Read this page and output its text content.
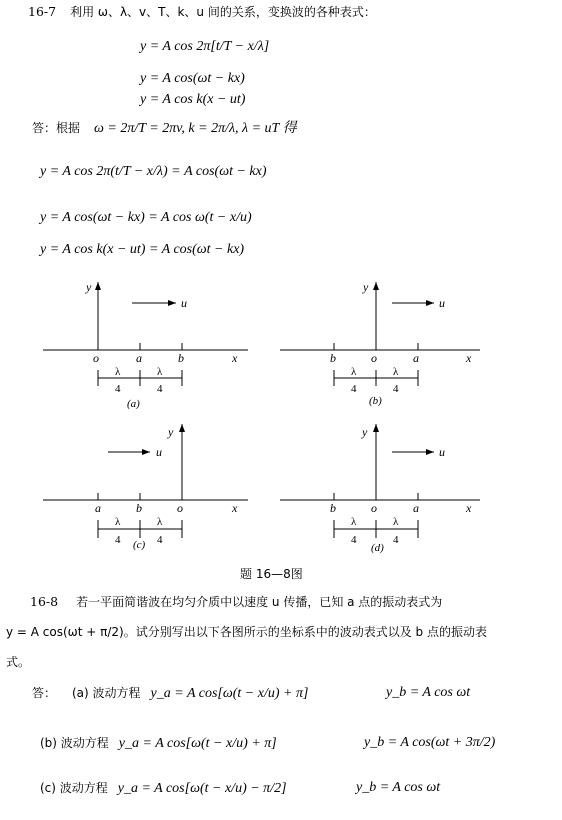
16-7 利用 ω、λ、v、T、k、u 间的关系，变换波的各种表式：
y = A cos 2π[t/T − x/λ]
y = A cos(ωt − kx)
y = A cos k(x − ut)
答：根据 ω = 2π/T = 2πv, k = 2π/λ, λ = uT 得
y = A cos 2π(t/T − x/λ) = A cos(ωt − kx)
y = A cos(ωt − kx) = A cos ω(t − x/u)
y = A cos k(x − ut) = A cos(ωt − kx)
y
x
u
o	a	b
λ
4
λ
4
(a)
y
x
u
b	o	a
λ
4
λ
4
(b)
y
x
u
a	b	o
λ
4
λ
4
(c)
y
x
u
b	o	a
λ
4
λ
4
(d)
题 16—8图
16-8 若一平面简谐波在均匀介质中以速度 u 传播，已知 a 点的振动表式为
y = A cos(ωt + π/2)。试分别写出以下各图所示的坐标系中的波动表式以及 b 点的振动表
式。
答： (a) 波动方程 y_a = A cos[ω(t − x/u) + π]	y_b = A cos ωt
(b) 波动方程 y_a = A cos[ω(t − x/u) + π]	y_b = A cos(ωt + 3π/2)
(c) 波动方程 y_a = A cos[ω(t − x/u) − π/2]	y_b = A cos ωt
